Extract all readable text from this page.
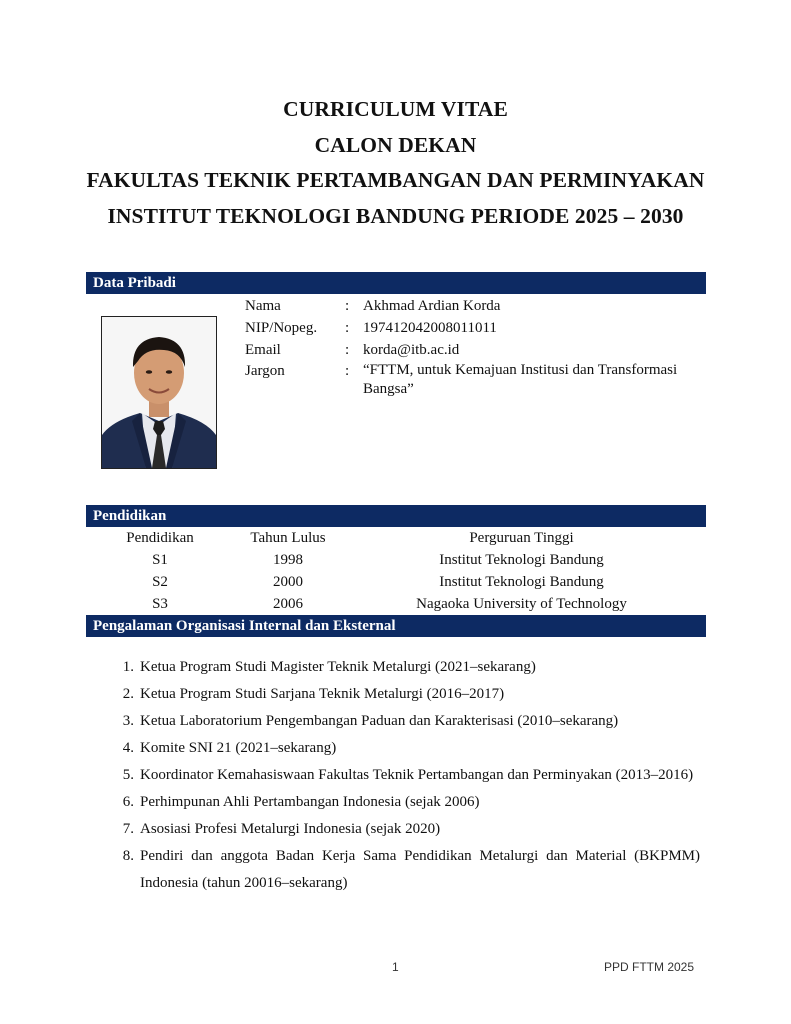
CURRICULUM VITAE
CALON DEKAN
FAKULTAS TEKNIK PERTAMBANGAN DAN PERMINYAKAN
INSTITUT TEKNOLOGI BANDUNG PERIODE 2025 – 2030
Data Pribadi
Nama	: Akhmad Ardian Korda
NIP/Nopeg.	: 197412042008011011
Email	: korda@itb.ac.id
Jargon	: “FTTM, untuk Kemajuan Institusi dan Transformasi Bangsa”
Pendidikan
Pendidikan	Tahun Lulus	Perguruan Tinggi
S1	1998	Institut Teknologi Bandung
S2	2000	Institut Teknologi Bandung
S3	2006	Nagaoka University of Technology
Pengalaman Organisasi Internal dan Eksternal
1. Ketua Program Studi Magister Teknik Metalurgi (2021–sekarang)
2. Ketua Program Studi Sarjana Teknik Metalurgi (2016–2017)
3. Ketua Laboratorium Pengembangan Paduan dan Karakterisasi (2010–sekarang)
4. Komite SNI 21 (2021–sekarang)
5. Koordinator Kemahasiswaan Fakultas Teknik Pertambangan dan Perminyakan (2013–2016)
6. Perhimpunan Ahli Pertambangan Indonesia (sejak 2006)
7. Asosiasi Profesi Metalurgi Indonesia (sejak 2020)
8. Pendiri dan anggota Badan Kerja Sama Pendidikan Metalurgi dan Material (BKPMM) Indonesia (tahun 20016–sekarang)
1	PPD FTTM 2025
